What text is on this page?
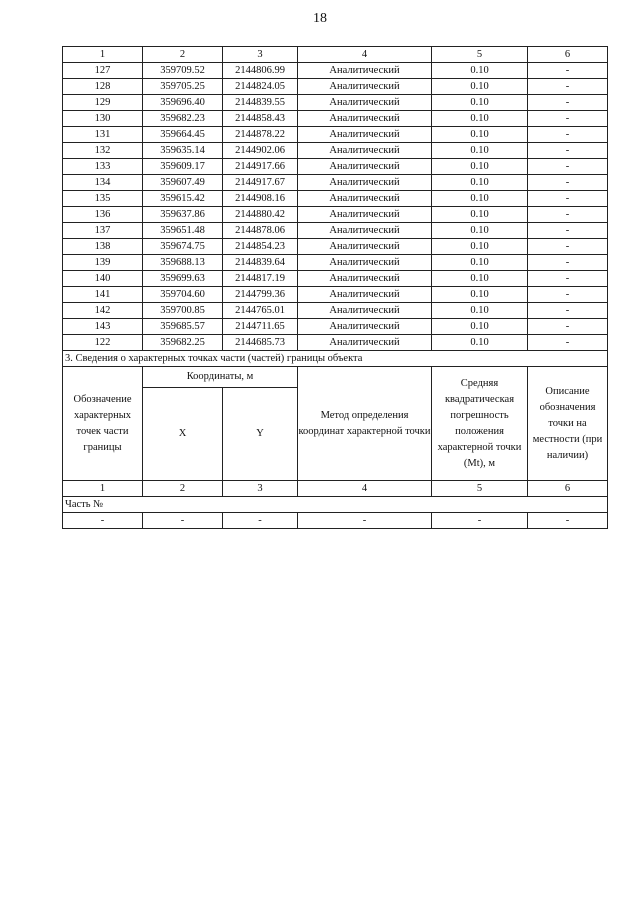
18
1	2	3	4	5	6
127	359709.52	2144806.99	Аналитический	0.10	-
128	359705.25	2144824.05	Аналитический	0.10	-
129	359696.40	2144839.55	Аналитический	0.10	-
130	359682.23	2144858.43	Аналитический	0.10	-
131	359664.45	2144878.22	Аналитический	0.10	-
132	359635.14	2144902.06	Аналитический	0.10	-
133	359609.17	2144917.66	Аналитический	0.10	-
134	359607.49	2144917.67	Аналитический	0.10	-
135	359615.42	2144908.16	Аналитический	0.10	-
136	359637.86	2144880.42	Аналитический	0.10	-
137	359651.48	2144878.06	Аналитический	0.10	-
138	359674.75	2144854.23	Аналитический	0.10	-
139	359688.13	2144839.64	Аналитический	0.10	-
140	359699.63	2144817.19	Аналитический	0.10	-
141	359704.60	2144799.36	Аналитический	0.10	-
142	359700.85	2144765.01	Аналитический	0.10	-
143	359685.57	2144711.65	Аналитический	0.10	-
122	359682.25	2144685.73	Аналитический	0.10	-
3. Сведения о характерных точках части (частей) границы объекта					
Обозначение характерных точек части границы	Координаты, м		Метод определения координат характерной точки	Средняя квадратическая погрешность положения характерной точки (Mt), м	Описание обозначения точки на местности (при наличии)
	X	Y			
1	2	3	4	5	6
Часть №					
-	-	-	-	-	-
